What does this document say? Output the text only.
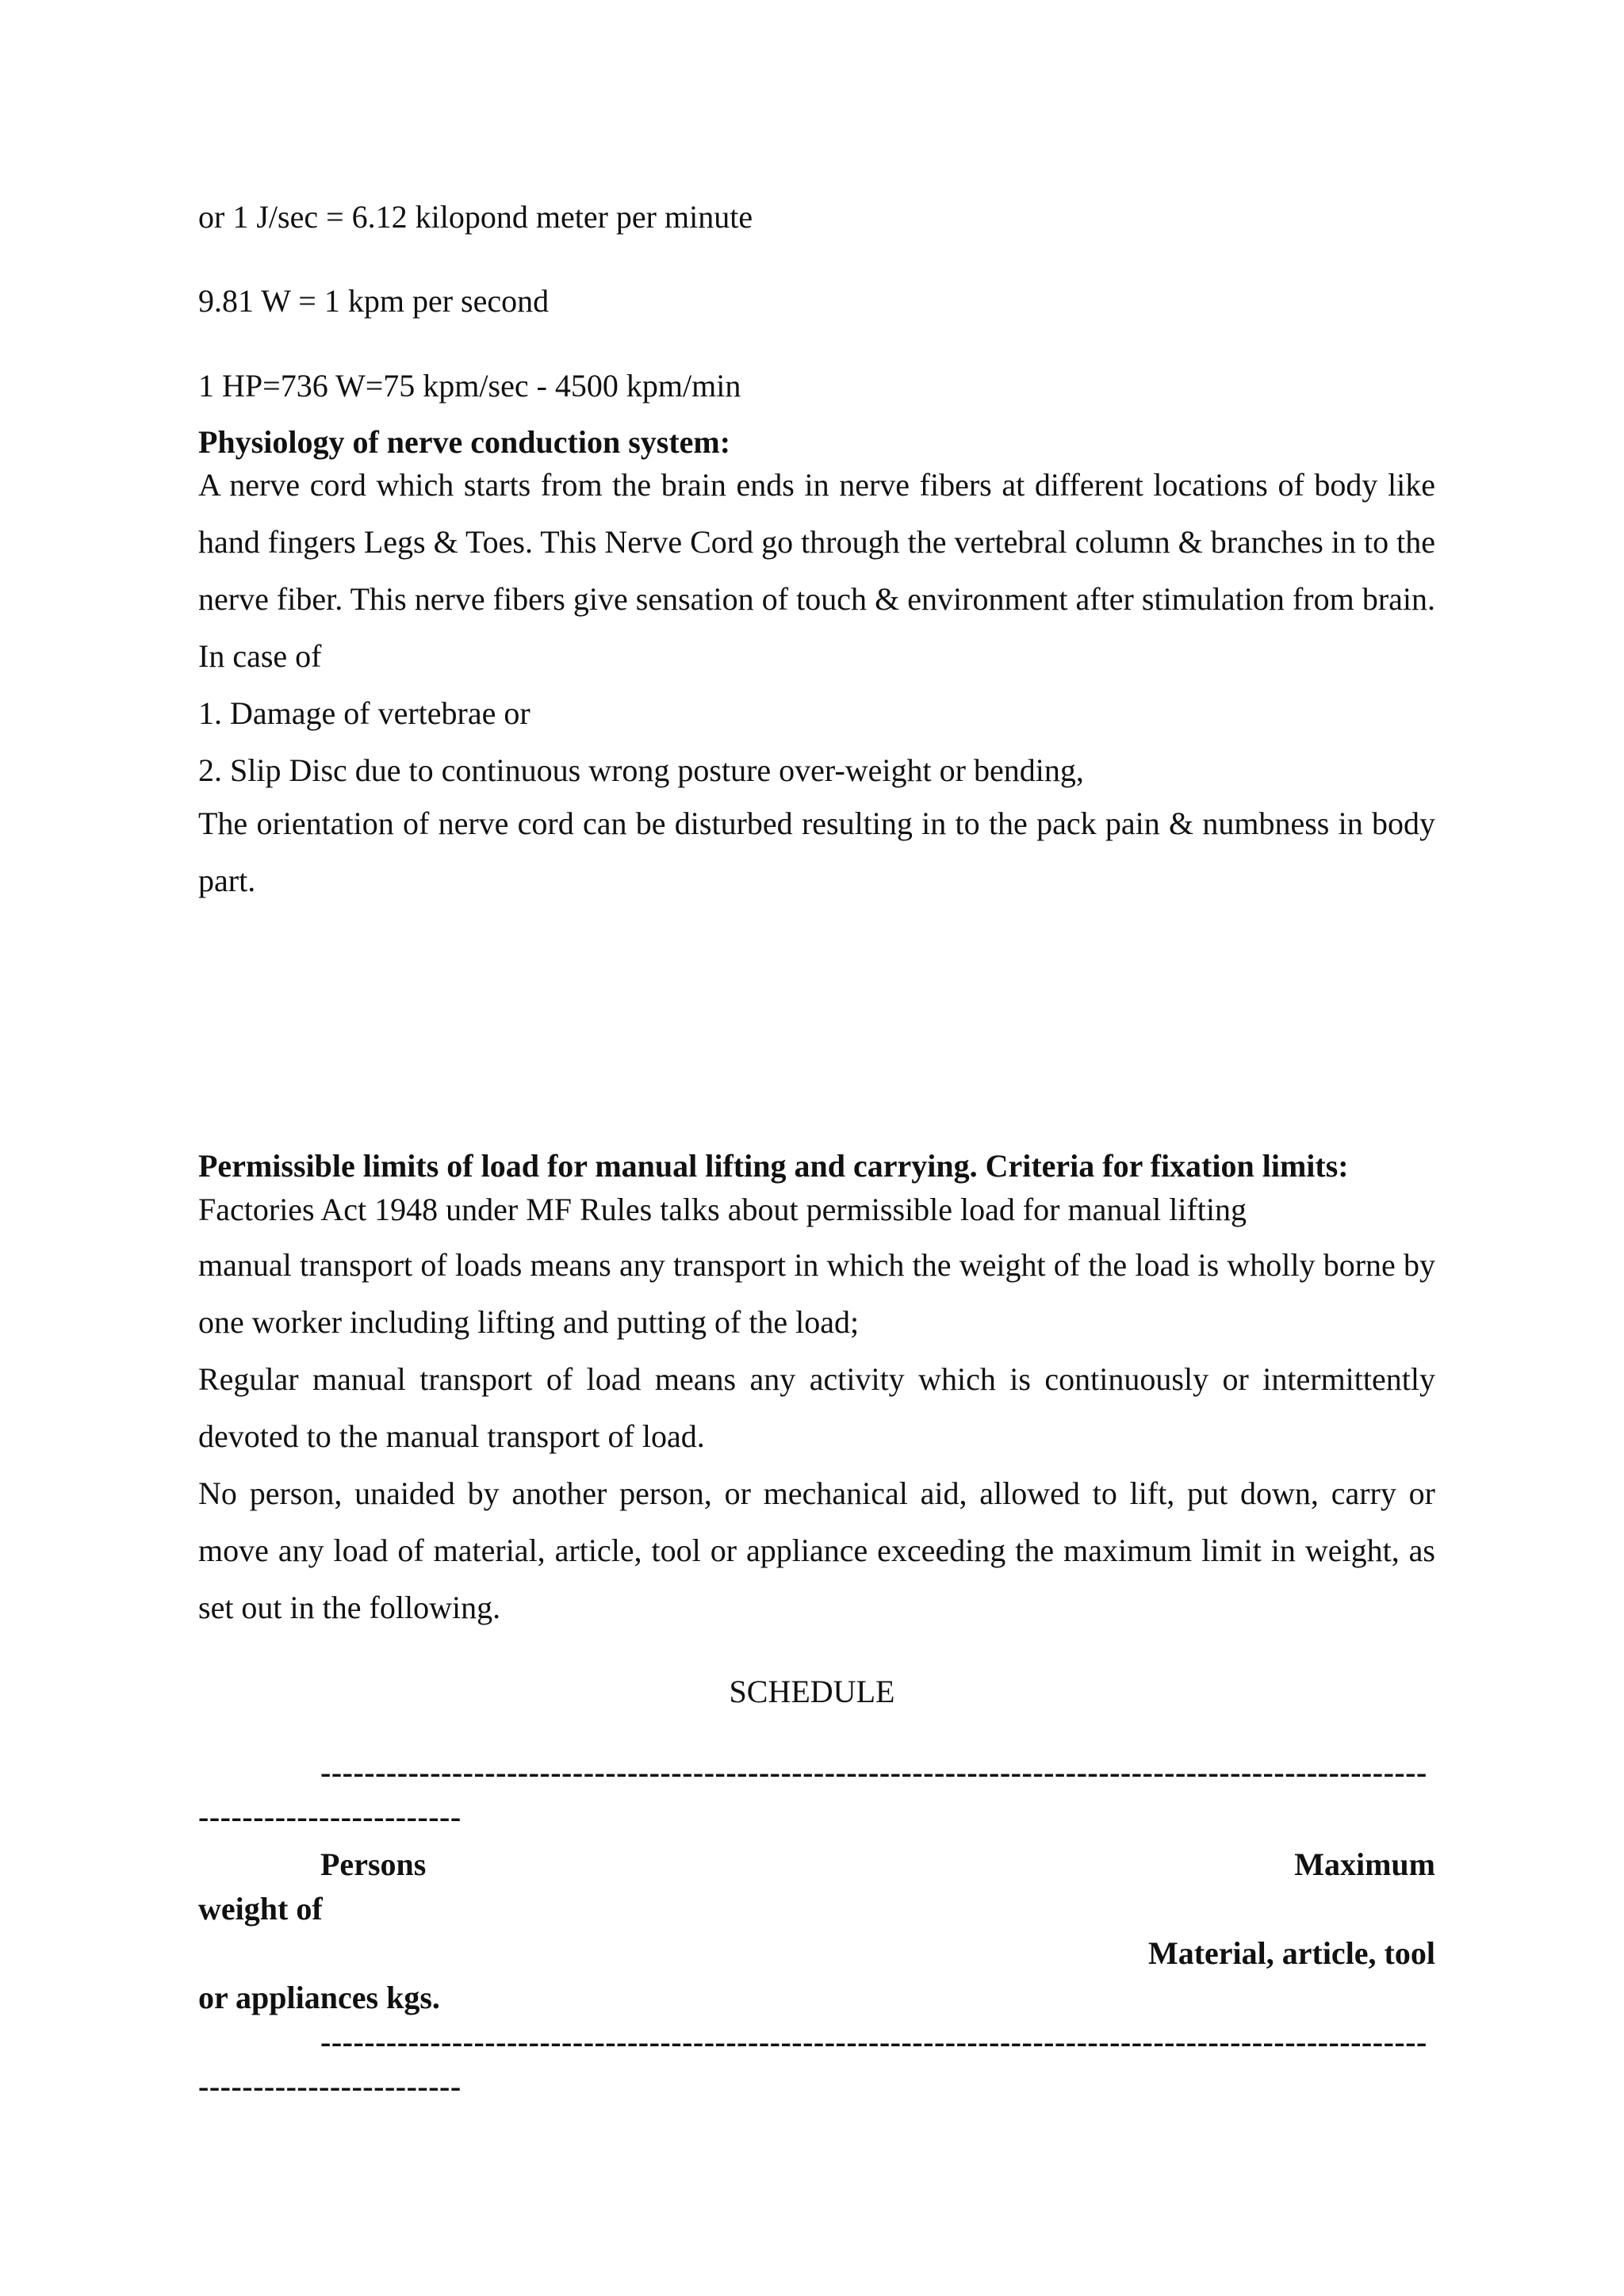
or 1 J/sec = 6.12 kilopond meter per minute
9.81 W = 1 kpm per second
1 HP=736 W=75 kpm/sec - 4500 kpm/min
Physiology of nerve conduction system:
A nerve cord which starts from the brain ends in nerve fibers at different locations of body like hand fingers Legs & Toes. This Nerve Cord go through the vertebral column & branches in to the nerve fiber. This nerve fibers give sensation of touch & environment after stimulation from brain. In case of
1. Damage of vertebrae or
2. Slip Disc due to continuous wrong posture over-weight or bending,
The orientation of nerve cord can be disturbed resulting in to the pack pain & numbness in body part.
Permissible limits of load for manual lifting and carrying. Criteria for fixation limits:
Factories Act 1948 under MF Rules talks about permissible load for manual lifting
manual transport of loads means any transport in which the weight of the load is wholly borne by one worker including lifting and putting of the load;
Regular manual transport of load means any activity which is continuously or intermittently devoted to the manual transport of load.
No person, unaided by another person, or mechanical aid, allowed to lift, put down, carry or move any load of material, article, tool or appliance exceeding the maximum limit in weight, as set out in the following.
SCHEDULE
-----------------------------------------------------------------------------------------------------
------------------------
Persons	Maximum
weight of
Material, article, tool
or appliances kgs.
-----------------------------------------------------------------------------------------------------
------------------------
